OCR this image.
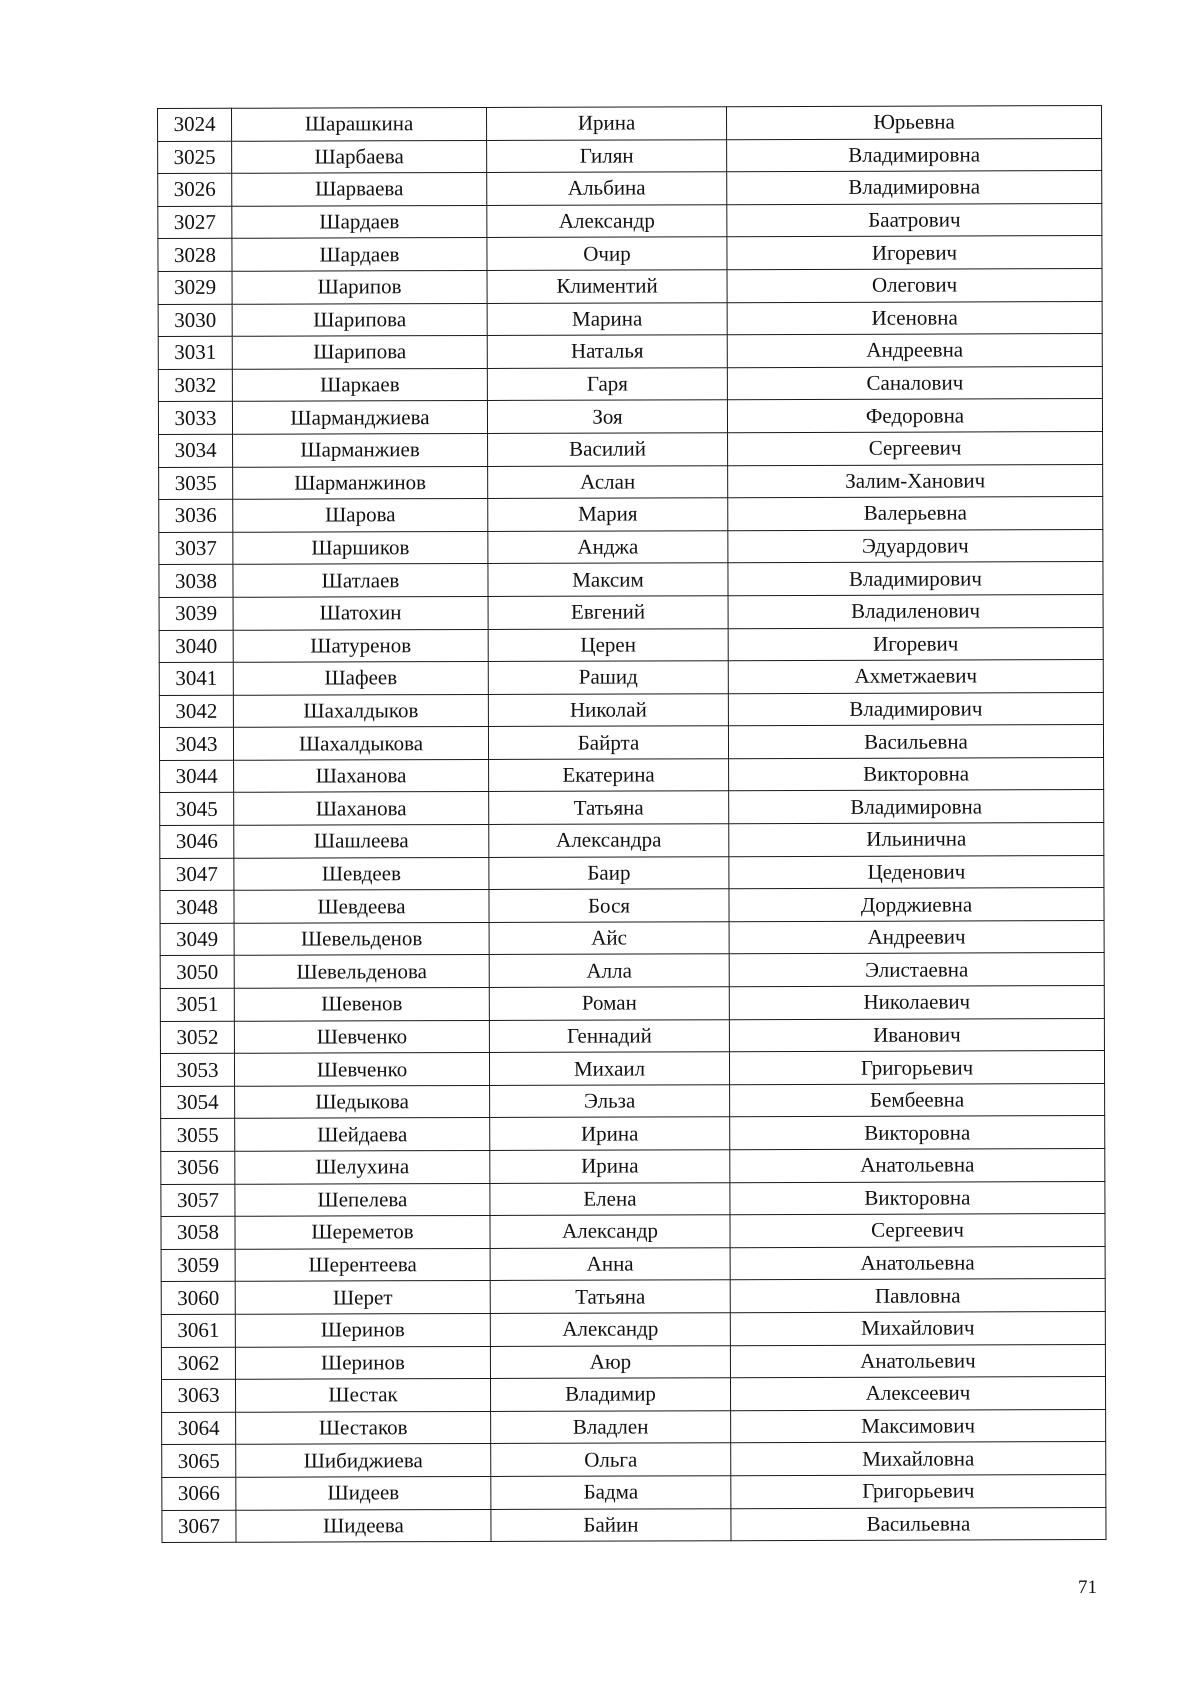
3024	Шарашкина	Ирина	Юрьевна
3025	Шарбаева	Гилян	Владимировна
3026	Шарваева	Альбина	Владимировна
3027	Шардаев	Александр	Баатрович
3028	Шардаев	Очир	Игоревич
3029	Шарипов	Климентий	Олегович
3030	Шарипова	Марина	Исеновна
3031	Шарипова	Наталья	Андреевна
3032	Шаркаев	Гаря	Саналович
3033	Шарманджиева	Зоя	Федоровна
3034	Шарманжиев	Василий	Сергеевич
3035	Шарманжинов	Аслан	Залим-Ханович
3036	Шарова	Мария	Валерьевна
3037	Шаршиков	Анджа	Эдуардович
3038	Шатлаев	Максим	Владимирович
3039	Шатохин	Евгений	Владиленович
3040	Шатуренов	Церен	Игоревич
3041	Шафеев	Рашид	Ахметжаевич
3042	Шахалдыков	Николай	Владимирович
3043	Шахалдыкова	Байрта	Васильевна
3044	Шаханова	Екатерина	Викторовна
3045	Шаханова	Татьяна	Владимировна
3046	Шашлеева	Александра	Ильинична
3047	Шевдеев	Баир	Цеденович
3048	Шевдеева	Бося	Дорджиевна
3049	Шевельденов	Айс	Андреевич
3050	Шевельденова	Алла	Элистаевна
3051	Шевенов	Роман	Николаевич
3052	Шевченко	Геннадий	Иванович
3053	Шевченко	Михаил	Григорьевич
3054	Шедыкова	Эльза	Бембеевна
3055	Шейдаева	Ирина	Викторовна
3056	Шелухина	Ирина	Анатольевна
3057	Шепелева	Елена	Викторовна
3058	Шереметов	Александр	Сергеевич
3059	Шерентеева	Анна	Анатольевна
3060	Шерет	Татьяна	Павловна
3061	Шеринов	Александр	Михайлович
3062	Шеринов	Аюр	Анатольевич
3063	Шестак	Владимир	Алексеевич
3064	Шестаков	Владлен	Максимович
3065	Шибиджиева	Ольга	Михайловна
3066	Шидеев	Бадма	Григорьевич
3067	Шидеева	Байин	Васильевна
71
